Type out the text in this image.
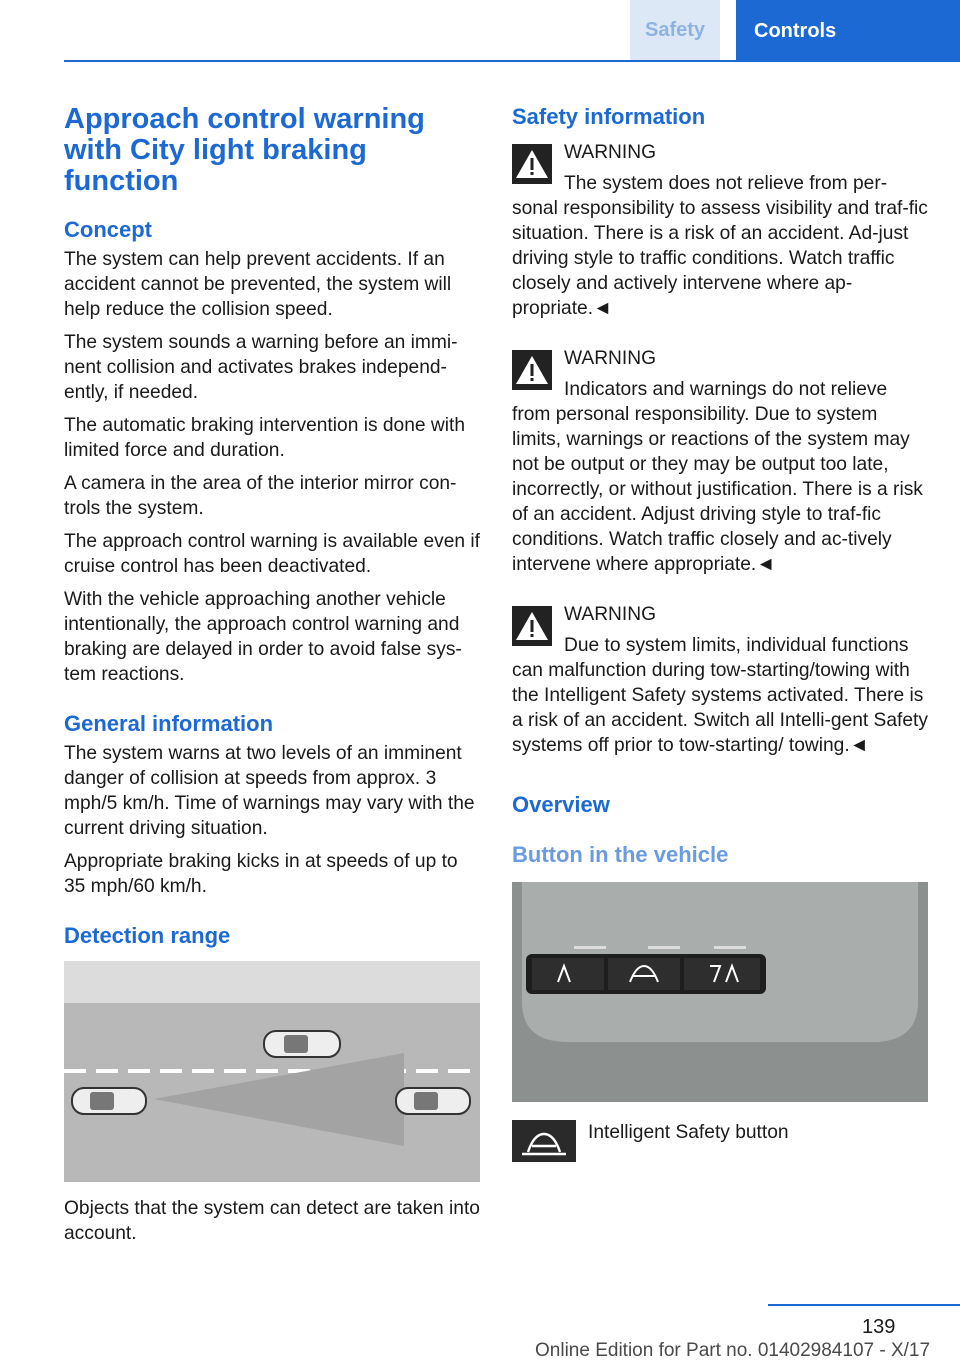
Safety	Controls
Approach control warning with City light braking function
Concept

The system can help prevent accidents. If an accident cannot be prevented, the system will help reduce the collision speed.

The system sounds a warning before an immi‐nent collision and activates brakes independ‐ently, if needed.

The automatic braking intervention is done with limited force and duration.

A camera in the area of the interior mirror con‐trols the system.

The approach control warning is available even if cruise control has been deactivated.

With the vehicle approaching another vehicle intentionally, the approach control warning and braking are delayed in order to avoid false sys‐tem reactions.

General information

The system warns at two levels of an imminent danger of collision at speeds from approx. 3 mph/5 km/h. Time of warnings may vary with the current driving situation.

Appropriate braking kicks in at speeds of up to 35 mph/60 km/h.

Detection range

Objects that the system can detect are taken into account.

Safety information
WARNING
The system does not relieve from per‐
sonal responsibility to assess visibility and traf‐fic situation. There is a risk of an accident. Ad‐just driving style to traffic conditions. Watch traffic closely and actively intervene where ap‐propriate.◄
WARNING
Indicators and warnings do not relieve
from personal responsibility. Due to system limits, warnings or reactions of the system may not be output or they may be output too late, incorrectly, or without justification. There is a risk of an accident. Adjust driving style to traf‐fic conditions. Watch traffic closely and ac‐tively intervene where appropriate.◄
WARNING
Due to system limits, individual functions
can malfunction during tow-starting/towing with the Intelligent Safety systems activated. There is a risk of an accident. Switch all Intelli‐gent Safety systems off prior to tow-starting/ towing.◄
Overview
Button in the vehicle
Intelligent Safety button
139
Online Edition for Part no. 01402984107 - X/17
